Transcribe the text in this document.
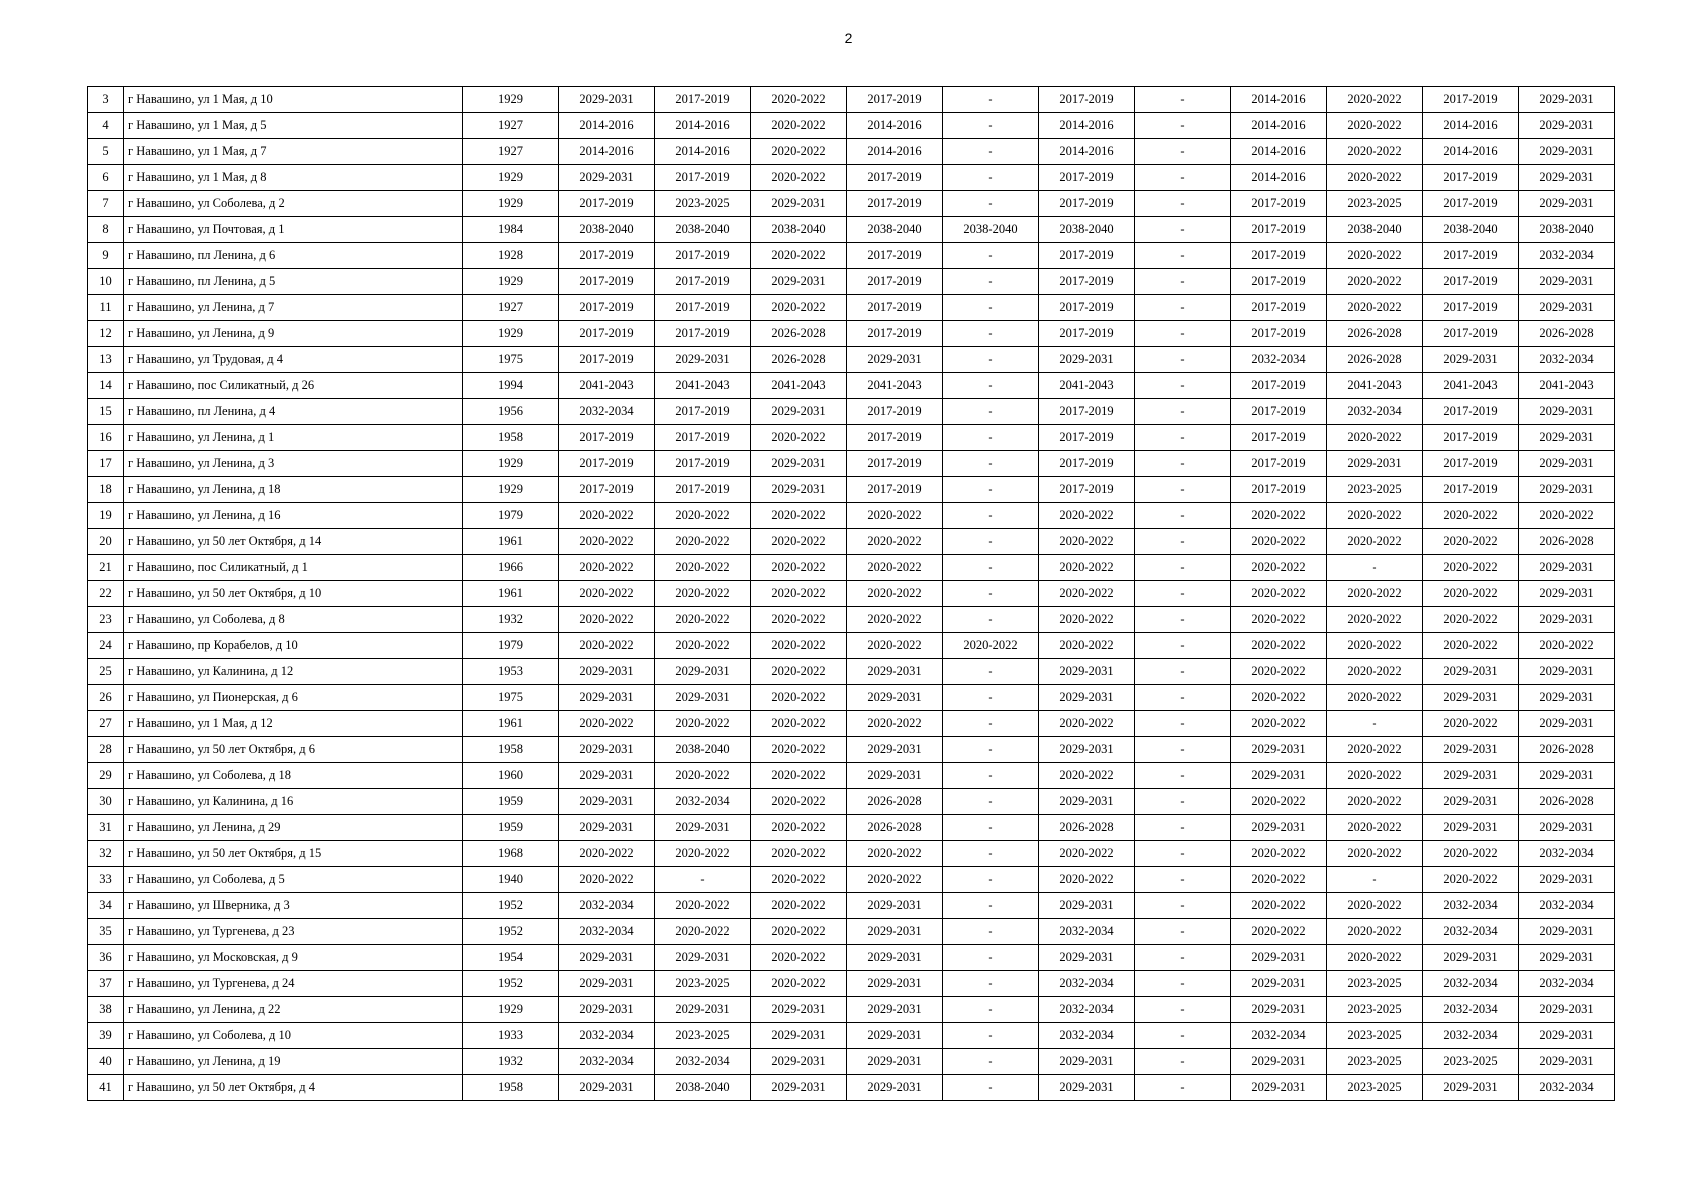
2
3	г Навашино, ул 1 Мая, д 10	1929	2029-2031	2017-2019	2020-2022	2017-2019	-	2017-2019	-	2014-2016	2020-2022	2017-2019	2029-2031
4	г Навашино, ул 1 Мая, д 5	1927	2014-2016	2014-2016	2020-2022	2014-2016	-	2014-2016	-	2014-2016	2020-2022	2014-2016	2029-2031
5	г Навашино, ул 1 Мая, д 7	1927	2014-2016	2014-2016	2020-2022	2014-2016	-	2014-2016	-	2014-2016	2020-2022	2014-2016	2029-2031
6	г Навашино, ул 1 Мая, д 8	1929	2029-2031	2017-2019	2020-2022	2017-2019	-	2017-2019	-	2014-2016	2020-2022	2017-2019	2029-2031
7	г Навашино, ул Соболева, д 2	1929	2017-2019	2023-2025	2029-2031	2017-2019	-	2017-2019	-	2017-2019	2023-2025	2017-2019	2029-2031
8	г Навашино, ул Почтовая, д 1	1984	2038-2040	2038-2040	2038-2040	2038-2040	2038-2040	2038-2040	-	2017-2019	2038-2040	2038-2040	2038-2040
9	г Навашино, пл Ленина, д 6	1928	2017-2019	2017-2019	2020-2022	2017-2019	-	2017-2019	-	2017-2019	2020-2022	2017-2019	2032-2034
10	г Навашино, пл Ленина, д 5	1929	2017-2019	2017-2019	2029-2031	2017-2019	-	2017-2019	-	2017-2019	2020-2022	2017-2019	2029-2031
11	г Навашино, ул Ленина, д 7	1927	2017-2019	2017-2019	2020-2022	2017-2019	-	2017-2019	-	2017-2019	2020-2022	2017-2019	2029-2031
12	г Навашино, ул Ленина, д 9	1929	2017-2019	2017-2019	2026-2028	2017-2019	-	2017-2019	-	2017-2019	2026-2028	2017-2019	2026-2028
13	г Навашино, ул Трудовая, д 4	1975	2017-2019	2029-2031	2026-2028	2029-2031	-	2029-2031	-	2032-2034	2026-2028	2029-2031	2032-2034
14	г Навашино, пос Силикатный, д 26	1994	2041-2043	2041-2043	2041-2043	2041-2043	-	2041-2043	-	2017-2019	2041-2043	2041-2043	2041-2043
15	г Навашино, пл Ленина, д 4	1956	2032-2034	2017-2019	2029-2031	2017-2019	-	2017-2019	-	2017-2019	2032-2034	2017-2019	2029-2031
16	г Навашино, ул Ленина, д 1	1958	2017-2019	2017-2019	2020-2022	2017-2019	-	2017-2019	-	2017-2019	2020-2022	2017-2019	2029-2031
17	г Навашино, ул Ленина, д 3	1929	2017-2019	2017-2019	2029-2031	2017-2019	-	2017-2019	-	2017-2019	2029-2031	2017-2019	2029-2031
18	г Навашино, ул Ленина, д 18	1929	2017-2019	2017-2019	2029-2031	2017-2019	-	2017-2019	-	2017-2019	2023-2025	2017-2019	2029-2031
19	г Навашино, ул Ленина, д 16	1979	2020-2022	2020-2022	2020-2022	2020-2022	-	2020-2022	-	2020-2022	2020-2022	2020-2022	2020-2022
20	г Навашино, ул 50 лет Октября, д 14	1961	2020-2022	2020-2022	2020-2022	2020-2022	-	2020-2022	-	2020-2022	2020-2022	2020-2022	2026-2028
21	г Навашино, пос Силикатный, д 1	1966	2020-2022	2020-2022	2020-2022	2020-2022	-	2020-2022	-	2020-2022	-	2020-2022	2029-2031
22	г Навашино, ул 50 лет Октября, д 10	1961	2020-2022	2020-2022	2020-2022	2020-2022	-	2020-2022	-	2020-2022	2020-2022	2020-2022	2029-2031
23	г Навашино, ул Соболева, д 8	1932	2020-2022	2020-2022	2020-2022	2020-2022	-	2020-2022	-	2020-2022	2020-2022	2020-2022	2029-2031
24	г Навашино, пр Корабелов, д 10	1979	2020-2022	2020-2022	2020-2022	2020-2022	2020-2022	2020-2022	-	2020-2022	2020-2022	2020-2022	2020-2022
25	г Навашино, ул Калинина, д 12	1953	2029-2031	2029-2031	2020-2022	2029-2031	-	2029-2031	-	2020-2022	2020-2022	2029-2031	2029-2031
26	г Навашино, ул Пионерская, д 6	1975	2029-2031	2029-2031	2020-2022	2029-2031	-	2029-2031	-	2020-2022	2020-2022	2029-2031	2029-2031
27	г Навашино, ул 1 Мая, д 12	1961	2020-2022	2020-2022	2020-2022	2020-2022	-	2020-2022	-	2020-2022	-	2020-2022	2029-2031
28	г Навашино, ул 50 лет Октября, д 6	1958	2029-2031	2038-2040	2020-2022	2029-2031	-	2029-2031	-	2029-2031	2020-2022	2029-2031	2026-2028
29	г Навашино, ул Соболева, д 18	1960	2029-2031	2020-2022	2020-2022	2029-2031	-	2020-2022	-	2029-2031	2020-2022	2029-2031	2029-2031
30	г Навашино, ул Калинина, д 16	1959	2029-2031	2032-2034	2020-2022	2026-2028	-	2029-2031	-	2020-2022	2020-2022	2029-2031	2026-2028
31	г Навашино, ул Ленина, д 29	1959	2029-2031	2029-2031	2020-2022	2026-2028	-	2026-2028	-	2029-2031	2020-2022	2029-2031	2029-2031
32	г Навашино, ул 50 лет Октября, д 15	1968	2020-2022	2020-2022	2020-2022	2020-2022	-	2020-2022	-	2020-2022	2020-2022	2020-2022	2032-2034
33	г Навашино, ул Соболева, д 5	1940	2020-2022	-	2020-2022	2020-2022	-	2020-2022	-	2020-2022	-	2020-2022	2029-2031
34	г Навашино, ул Шверника, д 3	1952	2032-2034	2020-2022	2020-2022	2029-2031	-	2029-2031	-	2020-2022	2020-2022	2032-2034	2032-2034
35	г Навашино, ул Тургенева, д 23	1952	2032-2034	2020-2022	2020-2022	2029-2031	-	2032-2034	-	2020-2022	2020-2022	2032-2034	2029-2031
36	г Навашино, ул Московская, д 9	1954	2029-2031	2029-2031	2020-2022	2029-2031	-	2029-2031	-	2029-2031	2020-2022	2029-2031	2029-2031
37	г Навашино, ул Тургенева, д 24	1952	2029-2031	2023-2025	2020-2022	2029-2031	-	2032-2034	-	2029-2031	2023-2025	2032-2034	2032-2034
38	г Навашино, ул Ленина, д 22	1929	2029-2031	2029-2031	2029-2031	2029-2031	-	2032-2034	-	2029-2031	2023-2025	2032-2034	2029-2031
39	г Навашино, ул Соболева, д 10	1933	2032-2034	2023-2025	2029-2031	2029-2031	-	2032-2034	-	2032-2034	2023-2025	2032-2034	2029-2031
40	г Навашино, ул Ленина, д 19	1932	2032-2034	2032-2034	2029-2031	2029-2031	-	2029-2031	-	2029-2031	2023-2025	2023-2025	2029-2031
41	г Навашино, ул 50 лет Октября, д 4	1958	2029-2031	2038-2040	2029-2031	2029-2031	-	2029-2031	-	2029-2031	2023-2025	2029-2031	2032-2034
